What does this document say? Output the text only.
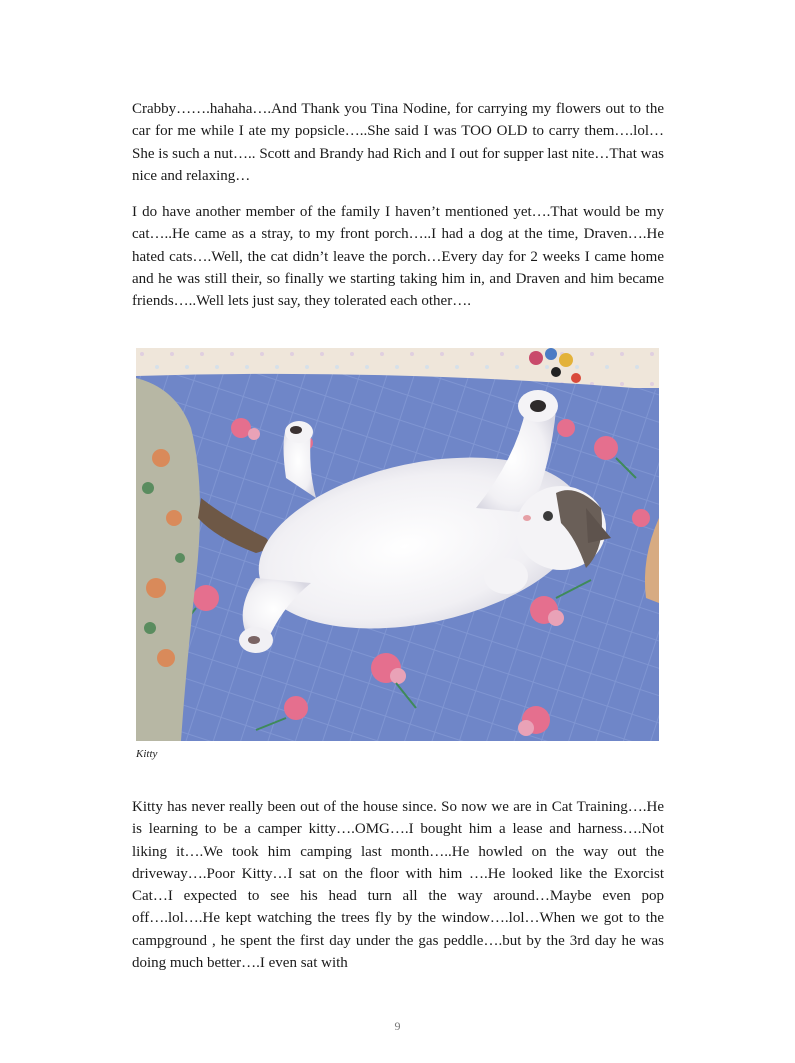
Crabby…….hahaha….And Thank you Tina Nodine, for carrying my flowers out to the car for me while I ate my popsicle…..She said I was TOO OLD to carry them….lol…She is such a nut….. Scott and Brandy had Rich and I out for supper last nite…That was nice and relaxing…

I do have another member of the family I haven’t mentioned yet….That would be my cat…..He came as a stray, to my front porch…..I had a dog at the time, Draven….He hated cats….Well, the cat didn’t leave the porch…Every day for 2 weeks I came home and he was still their, so finally we starting taking him in, and Draven and him became friends…..Well lets just say, they tolerated each other….

Kitty

Kitty has never really been out of the house since. So now we are in Cat Training….He is learning to be a camper kitty….OMG….I bought him a lease and harness….Not liking it….We took him camping last month…..He howled on the way out the driveway….Poor Kitty…I sat on the floor with him ….He looked like the Exorcist Cat…I expected to see his head turn all the way around…Maybe even pop off….lol….He kept watching the trees fly by the window….lol…When we got to the campground , he spent the first day under the gas peddle….but by the 3rd day he was doing much better….I even sat with

9
